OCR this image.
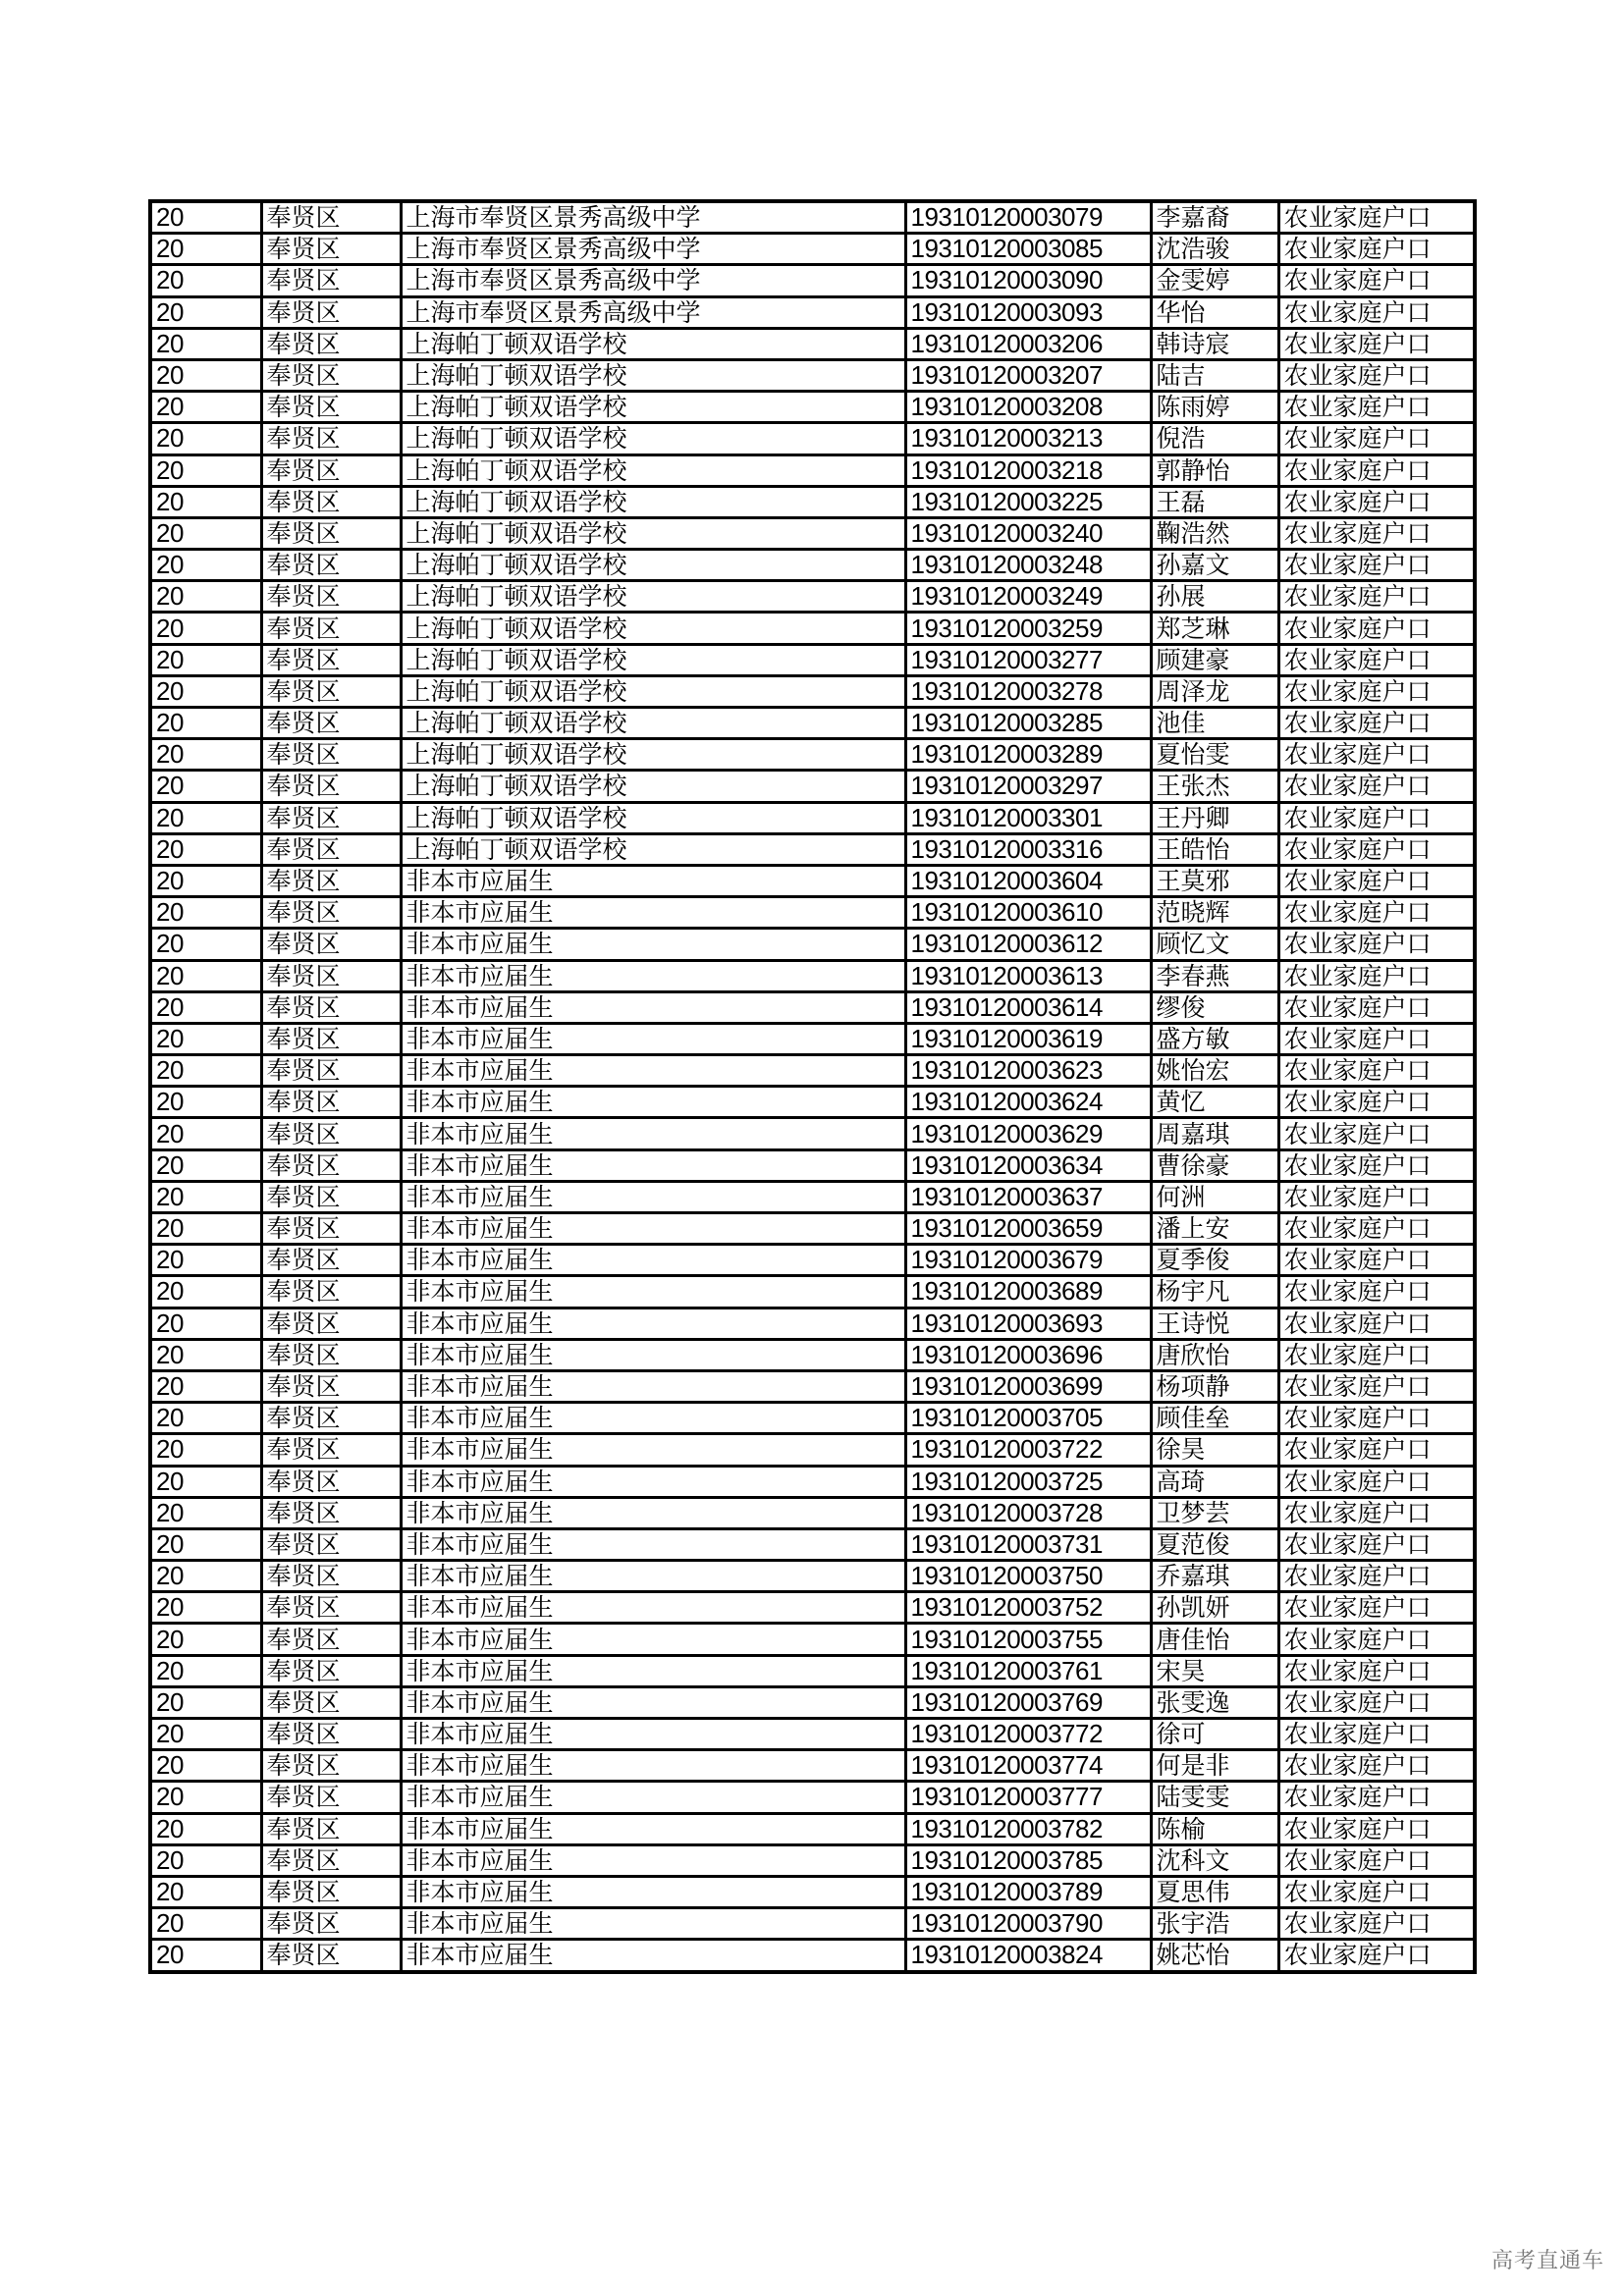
20	奉贤区	上海市奉贤区景秀高级中学	19310120003079	李嘉裔	农业家庭户口
20	奉贤区	上海市奉贤区景秀高级中学	19310120003085	沈浩骏	农业家庭户口
20	奉贤区	上海市奉贤区景秀高级中学	19310120003090	金雯婷	农业家庭户口
20	奉贤区	上海市奉贤区景秀高级中学	19310120003093	华怡	农业家庭户口
20	奉贤区	上海帕丁顿双语学校	19310120003206	韩诗宸	农业家庭户口
20	奉贤区	上海帕丁顿双语学校	19310120003207	陆吉	农业家庭户口
20	奉贤区	上海帕丁顿双语学校	19310120003208	陈雨婷	农业家庭户口
20	奉贤区	上海帕丁顿双语学校	19310120003213	倪浩	农业家庭户口
20	奉贤区	上海帕丁顿双语学校	19310120003218	郭静怡	农业家庭户口
20	奉贤区	上海帕丁顿双语学校	19310120003225	王磊	农业家庭户口
20	奉贤区	上海帕丁顿双语学校	19310120003240	鞠浩然	农业家庭户口
20	奉贤区	上海帕丁顿双语学校	19310120003248	孙嘉文	农业家庭户口
20	奉贤区	上海帕丁顿双语学校	19310120003249	孙展	农业家庭户口
20	奉贤区	上海帕丁顿双语学校	19310120003259	郑芝琳	农业家庭户口
20	奉贤区	上海帕丁顿双语学校	19310120003277	顾建豪	农业家庭户口
20	奉贤区	上海帕丁顿双语学校	19310120003278	周泽龙	农业家庭户口
20	奉贤区	上海帕丁顿双语学校	19310120003285	池佳	农业家庭户口
20	奉贤区	上海帕丁顿双语学校	19310120003289	夏怡雯	农业家庭户口
20	奉贤区	上海帕丁顿双语学校	19310120003297	王张杰	农业家庭户口
20	奉贤区	上海帕丁顿双语学校	19310120003301	王丹卿	农业家庭户口
20	奉贤区	上海帕丁顿双语学校	19310120003316	王皓怡	农业家庭户口
20	奉贤区	非本市应届生	19310120003604	王莫邪	农业家庭户口
20	奉贤区	非本市应届生	19310120003610	范晓辉	农业家庭户口
20	奉贤区	非本市应届生	19310120003612	顾忆文	农业家庭户口
20	奉贤区	非本市应届生	19310120003613	李春燕	农业家庭户口
20	奉贤区	非本市应届生	19310120003614	缪俊	农业家庭户口
20	奉贤区	非本市应届生	19310120003619	盛方敏	农业家庭户口
20	奉贤区	非本市应届生	19310120003623	姚怡宏	农业家庭户口
20	奉贤区	非本市应届生	19310120003624	黄忆	农业家庭户口
20	奉贤区	非本市应届生	19310120003629	周嘉琪	农业家庭户口
20	奉贤区	非本市应届生	19310120003634	曹徐豪	农业家庭户口
20	奉贤区	非本市应届生	19310120003637	何洲	农业家庭户口
20	奉贤区	非本市应届生	19310120003659	潘上安	农业家庭户口
20	奉贤区	非本市应届生	19310120003679	夏季俊	农业家庭户口
20	奉贤区	非本市应届生	19310120003689	杨宇凡	农业家庭户口
20	奉贤区	非本市应届生	19310120003693	王诗悦	农业家庭户口
20	奉贤区	非本市应届生	19310120003696	唐欣怡	农业家庭户口
20	奉贤区	非本市应届生	19310120003699	杨项静	农业家庭户口
20	奉贤区	非本市应届生	19310120003705	顾佳垒	农业家庭户口
20	奉贤区	非本市应届生	19310120003722	徐昊	农业家庭户口
20	奉贤区	非本市应届生	19310120003725	高琦	农业家庭户口
20	奉贤区	非本市应届生	19310120003728	卫梦芸	农业家庭户口
20	奉贤区	非本市应届生	19310120003731	夏范俊	农业家庭户口
20	奉贤区	非本市应届生	19310120003750	乔嘉琪	农业家庭户口
20	奉贤区	非本市应届生	19310120003752	孙凯妍	农业家庭户口
20	奉贤区	非本市应届生	19310120003755	唐佳怡	农业家庭户口
20	奉贤区	非本市应届生	19310120003761	宋昊	农业家庭户口
20	奉贤区	非本市应届生	19310120003769	张雯逸	农业家庭户口
20	奉贤区	非本市应届生	19310120003772	徐可	农业家庭户口
20	奉贤区	非本市应届生	19310120003774	何是非	农业家庭户口
20	奉贤区	非本市应届生	19310120003777	陆雯雯	农业家庭户口
20	奉贤区	非本市应届生	19310120003782	陈榆	农业家庭户口
20	奉贤区	非本市应届生	19310120003785	沈科文	农业家庭户口
20	奉贤区	非本市应届生	19310120003789	夏思伟	农业家庭户口
20	奉贤区	非本市应届生	19310120003790	张宇浩	农业家庭户口
20	奉贤区	非本市应届生	19310120003824	姚芯怡	农业家庭户口
高考直通车
